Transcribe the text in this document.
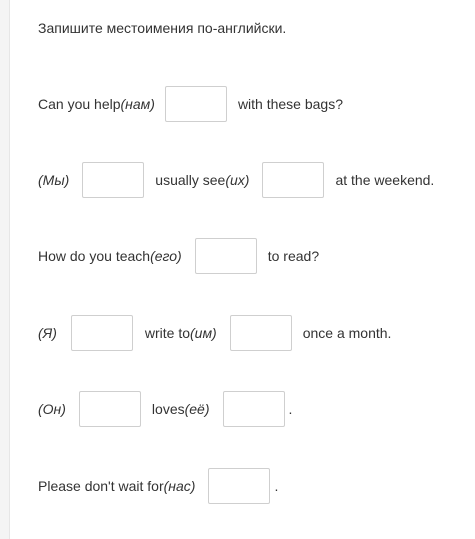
Запишите местоимения по-английски.
Can you help (нам)	with these bags?
(Мы)	usually see (их)	at the weekend.
How do you teach (его)	to read?
(Я)	write to (им)	once a month.
(Он)	loves (её)	.
Please don't wait for (нас)	.
